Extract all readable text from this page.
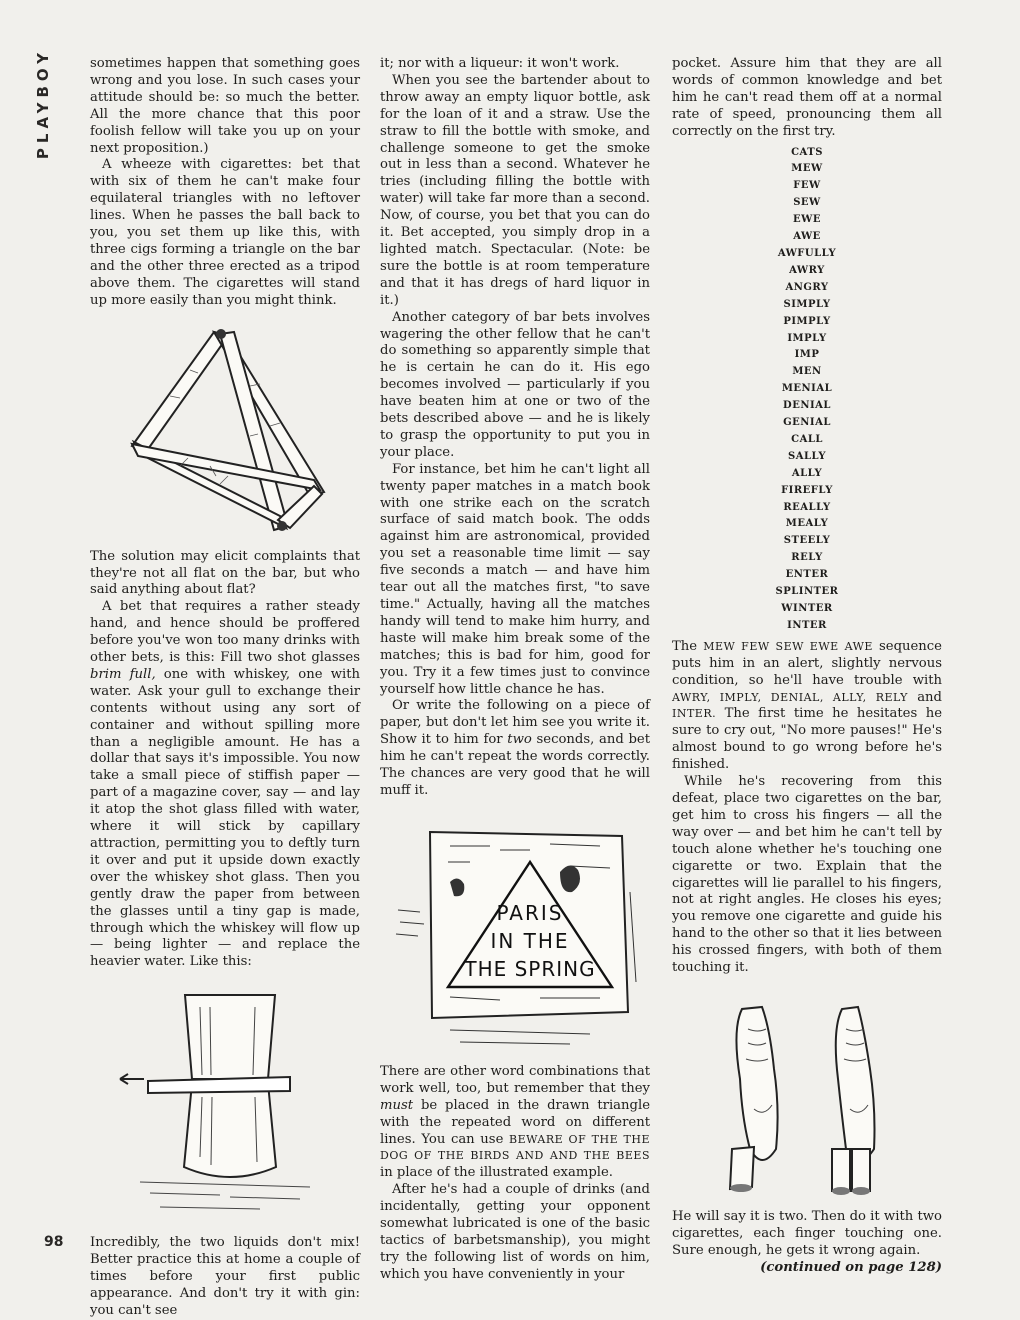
PLAYBOY
98

sometimes happen that something goes wrong and you lose. In such cases your attitude should be: so much the better. All the more chance that this poor foolish fellow will take you up on your next proposition.)

A wheeze with cigarettes: bet that with six of them he can't make four equilateral triangles with no leftover lines. When he passes the ball back to you, you set them up like this, with three cigs forming a triangle on the bar and the other three erected as a tripod above them. The cigarettes will stand up more easily than you might think.

The solution may elicit complaints that they're not all flat on the bar, but who said anything about flat?

A bet that requires a rather steady hand, and hence should be proffered before you've won too many drinks with other bets, is this: Fill two shot glasses brim full, one with whiskey, one with water. Ask your gull to exchange their contents without using any sort of container and without spilling more than a negligible amount. He has a dollar that says it's impossible. You now take a small piece of stiffish paper — part of a magazine cover, say — and lay it atop the shot glass filled with water, where it will stick by capillary attraction, permitting you to deftly turn it over and put it upside down exactly over the whiskey shot glass. Then you gently draw the paper from between the glasses until a tiny gap is made, through which the whiskey will flow up — being lighter — and replace the heavier water. Like this:

Incredibly, the two liquids don't mix! Better practice this at home a couple of times before your first public appearance. And don't try it with gin: you can't see

it; nor with a liqueur: it won't work.

When you see the bartender about to throw away an empty liquor bottle, ask for the loan of it and a straw. Use the straw to fill the bottle with smoke, and challenge someone to get the smoke out in less than a second. Whatever he tries (including filling the bottle with water) will take far more than a second. Now, of course, you bet that you can do it. Bet accepted, you simply drop in a lighted match. Spectacular. (Note: be sure the bottle is at room temperature and that it has dregs of hard liquor in it.)

Another category of bar bets involves wagering the other fellow that he can't do something so apparently simple that he is certain he can do it. His ego becomes involved — particularly if you have beaten him at one or two of the bets described above — and he is likely to grasp the opportunity to put you in your place.

For instance, bet him he can't light all twenty paper matches in a match book with one strike each on the scratch surface of said match book. The odds against him are astronomical, provided you set a reasonable time limit — say five seconds a match — and have him tear out all the matches first, "to save time." Actually, having all the matches handy will tend to make him hurry, and haste will make him break some of the matches; this is bad for him, good for you. Try it a few times just to convince yourself how little chance he has.

Or write the following on a piece of paper, but don't let him see you write it. Show it to him for two seconds, and bet him he can't repeat the words correctly. The chances are very good that he will muff it.

PARIS
IN THE
THE SPRING

There are other word combinations that work well, too, but remember that they must be placed in the drawn triangle with the repeated word on different lines. You can use BEWARE OF THE THE DOG OF THE BIRDS AND AND THE BEES in place of the illustrated example.

After he's had a couple of drinks (and incidentally, getting your opponent somewhat lubricated is one of the basic tactics of barbetsmanship), you might try the following list of words on him, which you have conveniently in your

pocket. Assure him that they are all words of common knowledge and bet him he can't read them off at a normal rate of speed, pronouncing them all correctly on the first try.

CATS
MEW
FEW
SEW
EWE
AWE
AWFULLY
AWRY
ANGRY
SIMPLY
PIMPLY
IMPLY
IMP
MEN
MENIAL
DENIAL
GENIAL
CALL
SALLY
ALLY
FIREFLY
REALLY
MEALY
STEELY
RELY
ENTER
SPLINTER
WINTER
INTER

The MEW FEW SEW EWE AWE sequence puts him in an alert, slightly nervous condition, so he'll have trouble with AWRY, IMPLY, DENIAL, ALLY, RELY and INTER. The first time he hesitates he sure to cry out, "No more pauses!" He's almost bound to go wrong before he's finished.

While he's recovering from this defeat, place two cigarettes on the bar, get him to cross his fingers — all the way over — and bet him he can't tell by touch alone whether he's touching one cigarette or two. Explain that the cigarettes will lie parallel to his fingers, not at right angles. He closes his eyes; you remove one cigarette and guide his hand to the other so that it lies between his crossed fingers, with both of them touching it.

He will say it is two. Then do it with two cigarettes, each finger touching one. Sure enough, he gets it wrong again.

(continued on page 128)
